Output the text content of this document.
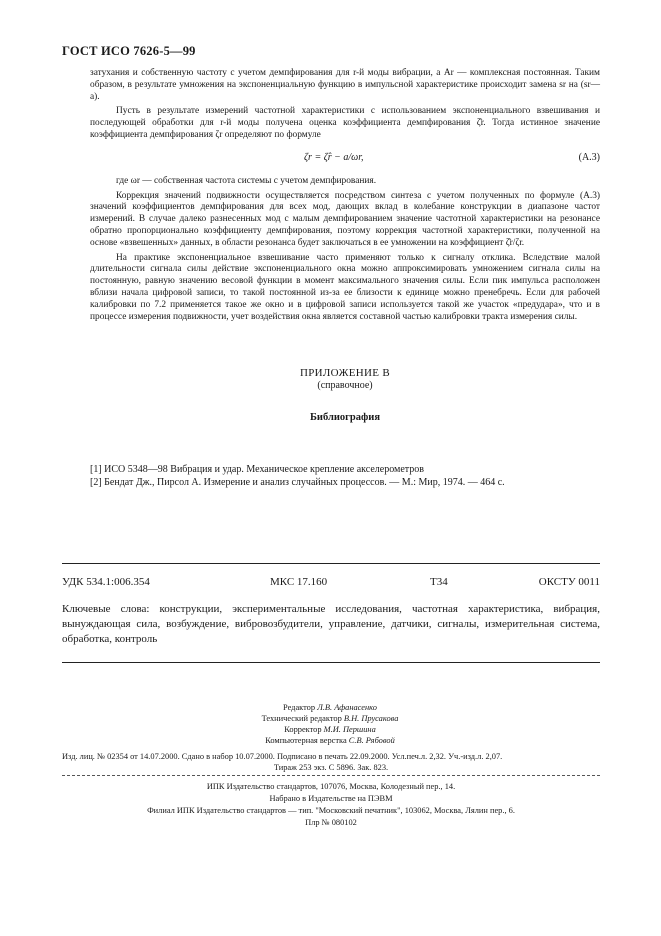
ГОСТ ИСО 7626-5—99

затухания и собственную частоту с учетом демпфирования для r-й моды вибрации, а Ar — комплексная постоянная. Таким образом, в результате умножения на экспоненциальную функцию в импульсной характеристике происходит замена sr на (sr—a).

Пусть в результате измерений частотной характеристики с использованием экспоненциального взвешивания и последующей обработки для r-й моды получена оценка коэффициента демпфирования ζ̂r. Тогда истинное значение коэффициента демпфирования ζr определяют по формуле

ζr = ζ̂r − a/ωr,	(А.3)

где ωr — собственная частота системы с учетом демпфирования.

Коррекция значений подвижности осуществляется посредством синтеза с учетом полученных по формуле (А.3) значений коэффициентов демпфирования для всех мод, дающих вклад в колебание конструкции в диапазоне частот измерений. В случае далеко разнесенных мод с малым демпфированием значение частотной характеристики на резонансе обратно пропорционально коэффициенту демпфирования, поэтому коррекция частотной характеристики, полученной на основе «взвешенных» данных, в области резонанса будет заключаться в ее умножении на коэффициент ζ̂r/ζr.

На практике экспоненциальное взвешивание часто применяют только к сигналу отклика. Вследствие малой длительности сигнала силы действие экспоненциального окна можно аппроксимировать умножением сигнала силы на постоянную, равную значению весовой функции в момент максимального значения силы. Если пик импульса расположен вблизи начала цифровой записи, то такой постоянной из-за ее близости к единице можно пренебречь. Если для рабочей калибровки по 7.2 применяется такое же окно и в цифровой записи используется такой же участок «предудара», что и в процессе измерения подвижности, учет воздействия окна является составной частью калибровки тракта измерения силы.

ПРИЛОЖЕНИЕ В
(справочное)
Библиография
[1] ИСО 5348—98 Вибрация и удар. Механическое крепление акселерометров
[2] Бендат Дж., Пирсол А. Измерение и анализ случайных процессов. — М.: Мир, 1974. — 464 с.
УДК 534.1:006.354	МКС 17.160	Т34	ОКСТУ 0011
Ключевые слова: конструкции, экспериментальные исследования, частотная характеристика, вибрация, вынуждающая сила, возбуждение, вибровозбудители, управление, датчики, сигналы, измерительная система, обработка, контроль
Редактор Л.В. Афанасенко
Технический редактор В.Н. Прусакова
Корректор М.И. Першина
Компьютерная верстка С.В. Рябовой
Изд. лиц. № 02354 от 14.07.2000. Сдано в набор 10.07.2000. Подписано в печать 22.09.2000. Усл.печ.л. 2,32. Уч.-изд.л. 2,07.
Тираж 253 экз. С 5896. Зак. 823.
ИПК Издательство стандартов, 107076, Москва, Колодезный пер., 14.
Набрано в Издательстве на ПЭВМ
Филиал ИПК Издательство стандартов — тип. "Московский печатник", 103062, Москва, Лялин пер., 6.
Плр № 080102
